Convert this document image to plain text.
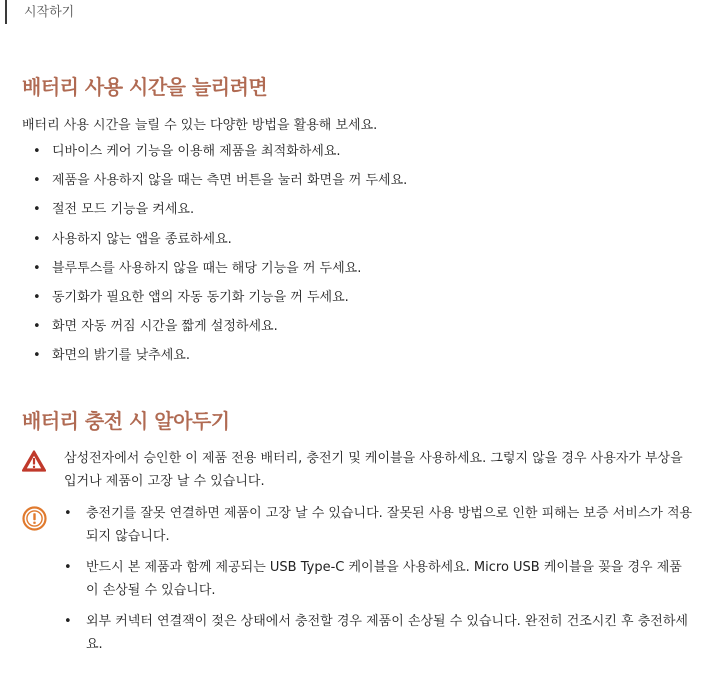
시작하기
배터리 사용 시간을 늘리려면
배터리 사용 시간을 늘릴 수 있는 다양한 방법을 활용해 보세요.
• 디바이스 케어 기능을 이용해 제품을 최적화하세요.
• 제품을 사용하지 않을 때는 측면 버튼을 눌러 화면을 꺼 두세요.
• 절전 모드 기능을 켜세요.
• 사용하지 않는 앱을 종료하세요.
• 블루투스를 사용하지 않을 때는 해당 기능을 꺼 두세요.
• 동기화가 필요한 앱의 자동 동기화 기능을 꺼 두세요.
• 화면 자동 꺼짐 시간을 짧게 설정하세요.
• 화면의 밝기를 낮추세요.
배터리 충전 시 알아두기
삼성전자에서 승인한 이 제품 전용 배터리, 충전기 및 케이블을 사용하세요. 그렇지 않을 경우 사용자가 부상을 입거나 제품이 고장 날 수 있습니다.
• 충전기를 잘못 연결하면 제품이 고장 날 수 있습니다. 잘못된 사용 방법으로 인한 피해는 보증 서비스가 적용되지 않습니다.
• 반드시 본 제품과 함께 제공되는 USB Type-C 케이블을 사용하세요. Micro USB 케이블을 꽂을 경우 제품이 손상될 수 있습니다.
• 외부 커넥터 연결잭이 젖은 상태에서 충전할 경우 제품이 손상될 수 있습니다. 완전히 건조시킨 후 충전하세요.
